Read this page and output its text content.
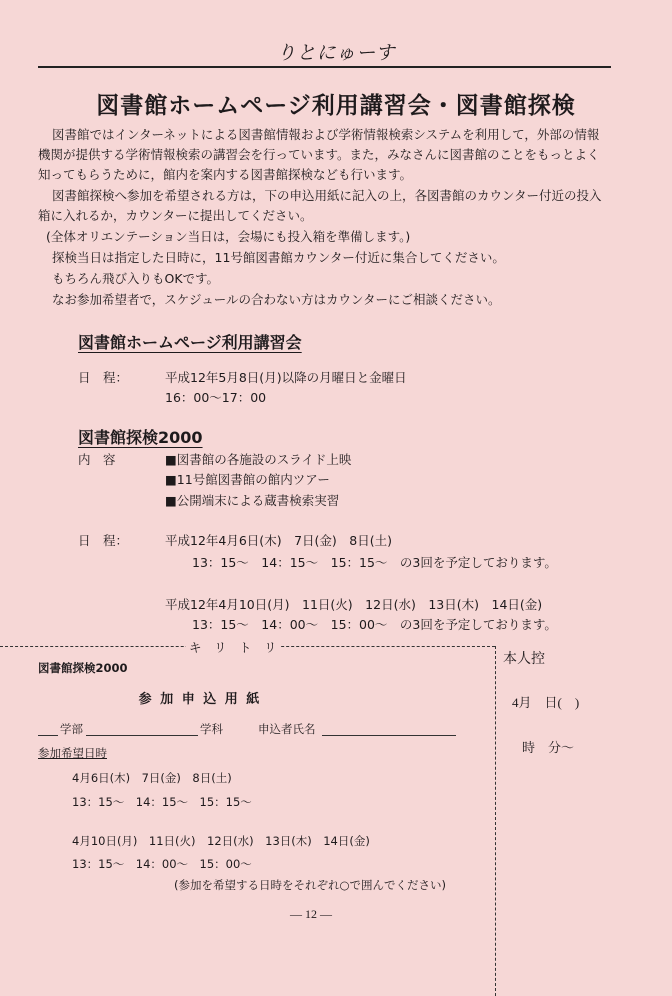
りとにゅーす
図書館ホームページ利用講習会・図書館探検
図書館ではインターネットによる図書館情報および学術情報検索システムを利用して，外部の情報
機関が提供する学術情報検索の講習会を行っています。また，みなさんに図書館のことをもっとよく
知ってもらうために，館内を案内する図書館探検なども行います。
図書館探検へ参加を希望される方は，下の申込用紙に記入の上，各図書館のカウンター付近の投入
箱に入れるか，カウンターに提出してください。
(全体オリエンテーション当日は，会場にも投入箱を準備します。)
探検当日は指定した日時に，11号館図書館カウンター付近に集合してください。
もちろん飛び入りもOKです。
なお参加希望者で，スケジュールの合わない方はカウンターにご相談ください。
図書館ホームページ利用講習会
日　程：	平成12年5月8日(月)以降の月曜日と金曜日
16：00〜17：00
図書館探検2000
内　容	■図書館の各施設のスライド上映
■11号館図書館の館内ツアー
■公開端末による蔵書検索実習
日　程：	平成12年4月6日(木)　7日(金)　8日(土)
13：15〜　14：15〜　15：15〜　の3回を予定しております。
平成12年4月10日(月)　11日(火)　12日(水)　13日(木)　14日(金)
13：15〜　14：00〜　15：00〜　の3回を予定しております。
キ　リ　ト　リ
図書館探検2000
参 加 申 込 用 紙
学部	学科	申込者氏名
参加希望日時
4月6日(木)　7日(金)　8日(土)
13：15〜　14：15〜　15：15〜
4月10日(月)　11日(火)　12日(水)　13日(木)　14日(金)
13：15〜　14：00〜　15：00〜
(参加を希望する日時をそれぞれ○で囲んでください)
本人控
4月　日(　)
時　分〜
— 12 —
